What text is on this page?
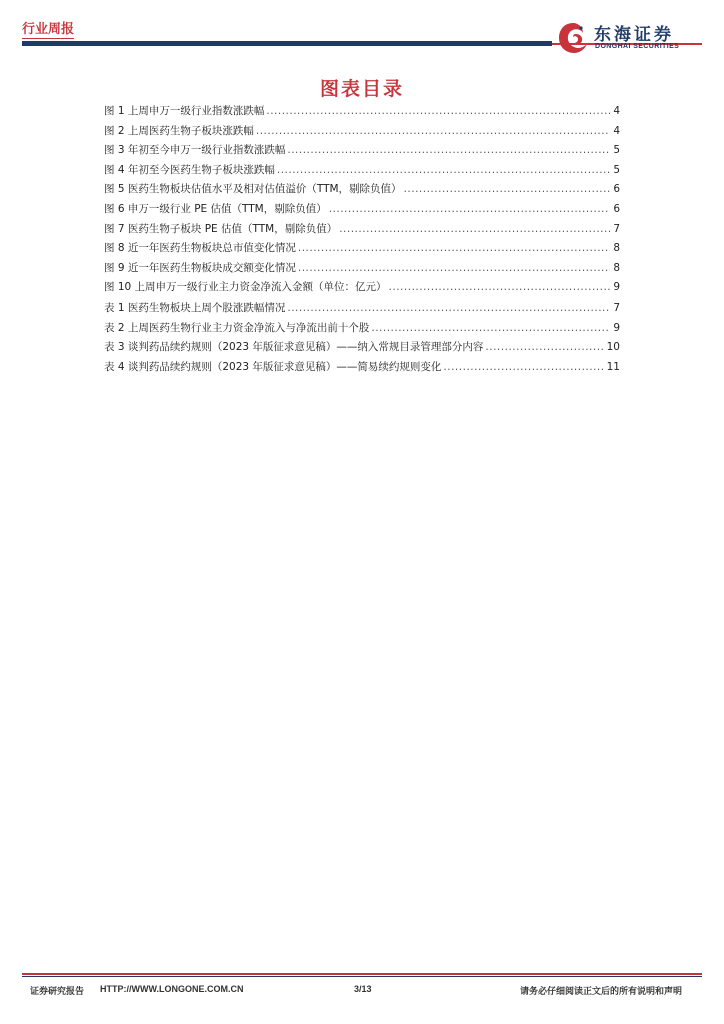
行业周报	东海证券
DONGHAI SECURITIES
图表目录
图 1 上周申万一级行业指数涨跌幅 .....	4
图 2 上周医药生物子板块涨跌幅 .....	4
图 3 年初至今申万一级行业指数涨跌幅 .....	5
图 4 年初至今医药生物子板块涨跌幅 .....	5
图 5 医药生物板块估值水平及相对估值溢价（TTM，剔除负值） .....	6
图 6 申万一级行业 PE 估值（TTM，剔除负值） .....	6
图 7 医药生物子板块 PE 估值（TTM，剔除负值） .....	7
图 8 近一年医药生物板块总市值变化情况 .....	8
图 9 近一年医药生物板块成交额变化情况 .....	8
图 10 上周申万一级行业主力资金净流入金额（单位：亿元） .....	9
表 1 医药生物板块上周个股涨跌幅情况 .....	7
表 2 上周医药生物行业主力资金净流入与净流出前十个股 .....	9
表 3 谈判药品续约规则（2023 年版征求意见稿）——纳入常规目录管理部分内容 .....	10
表 4 谈判药品续约规则（2023 年版征求意见稿）——简易续约规则变化 .....	11
证券研究报告 HTTP://WWW.LONGONE.COM.CN	3/13	请务必仔细阅读正文后的所有说明和声明
